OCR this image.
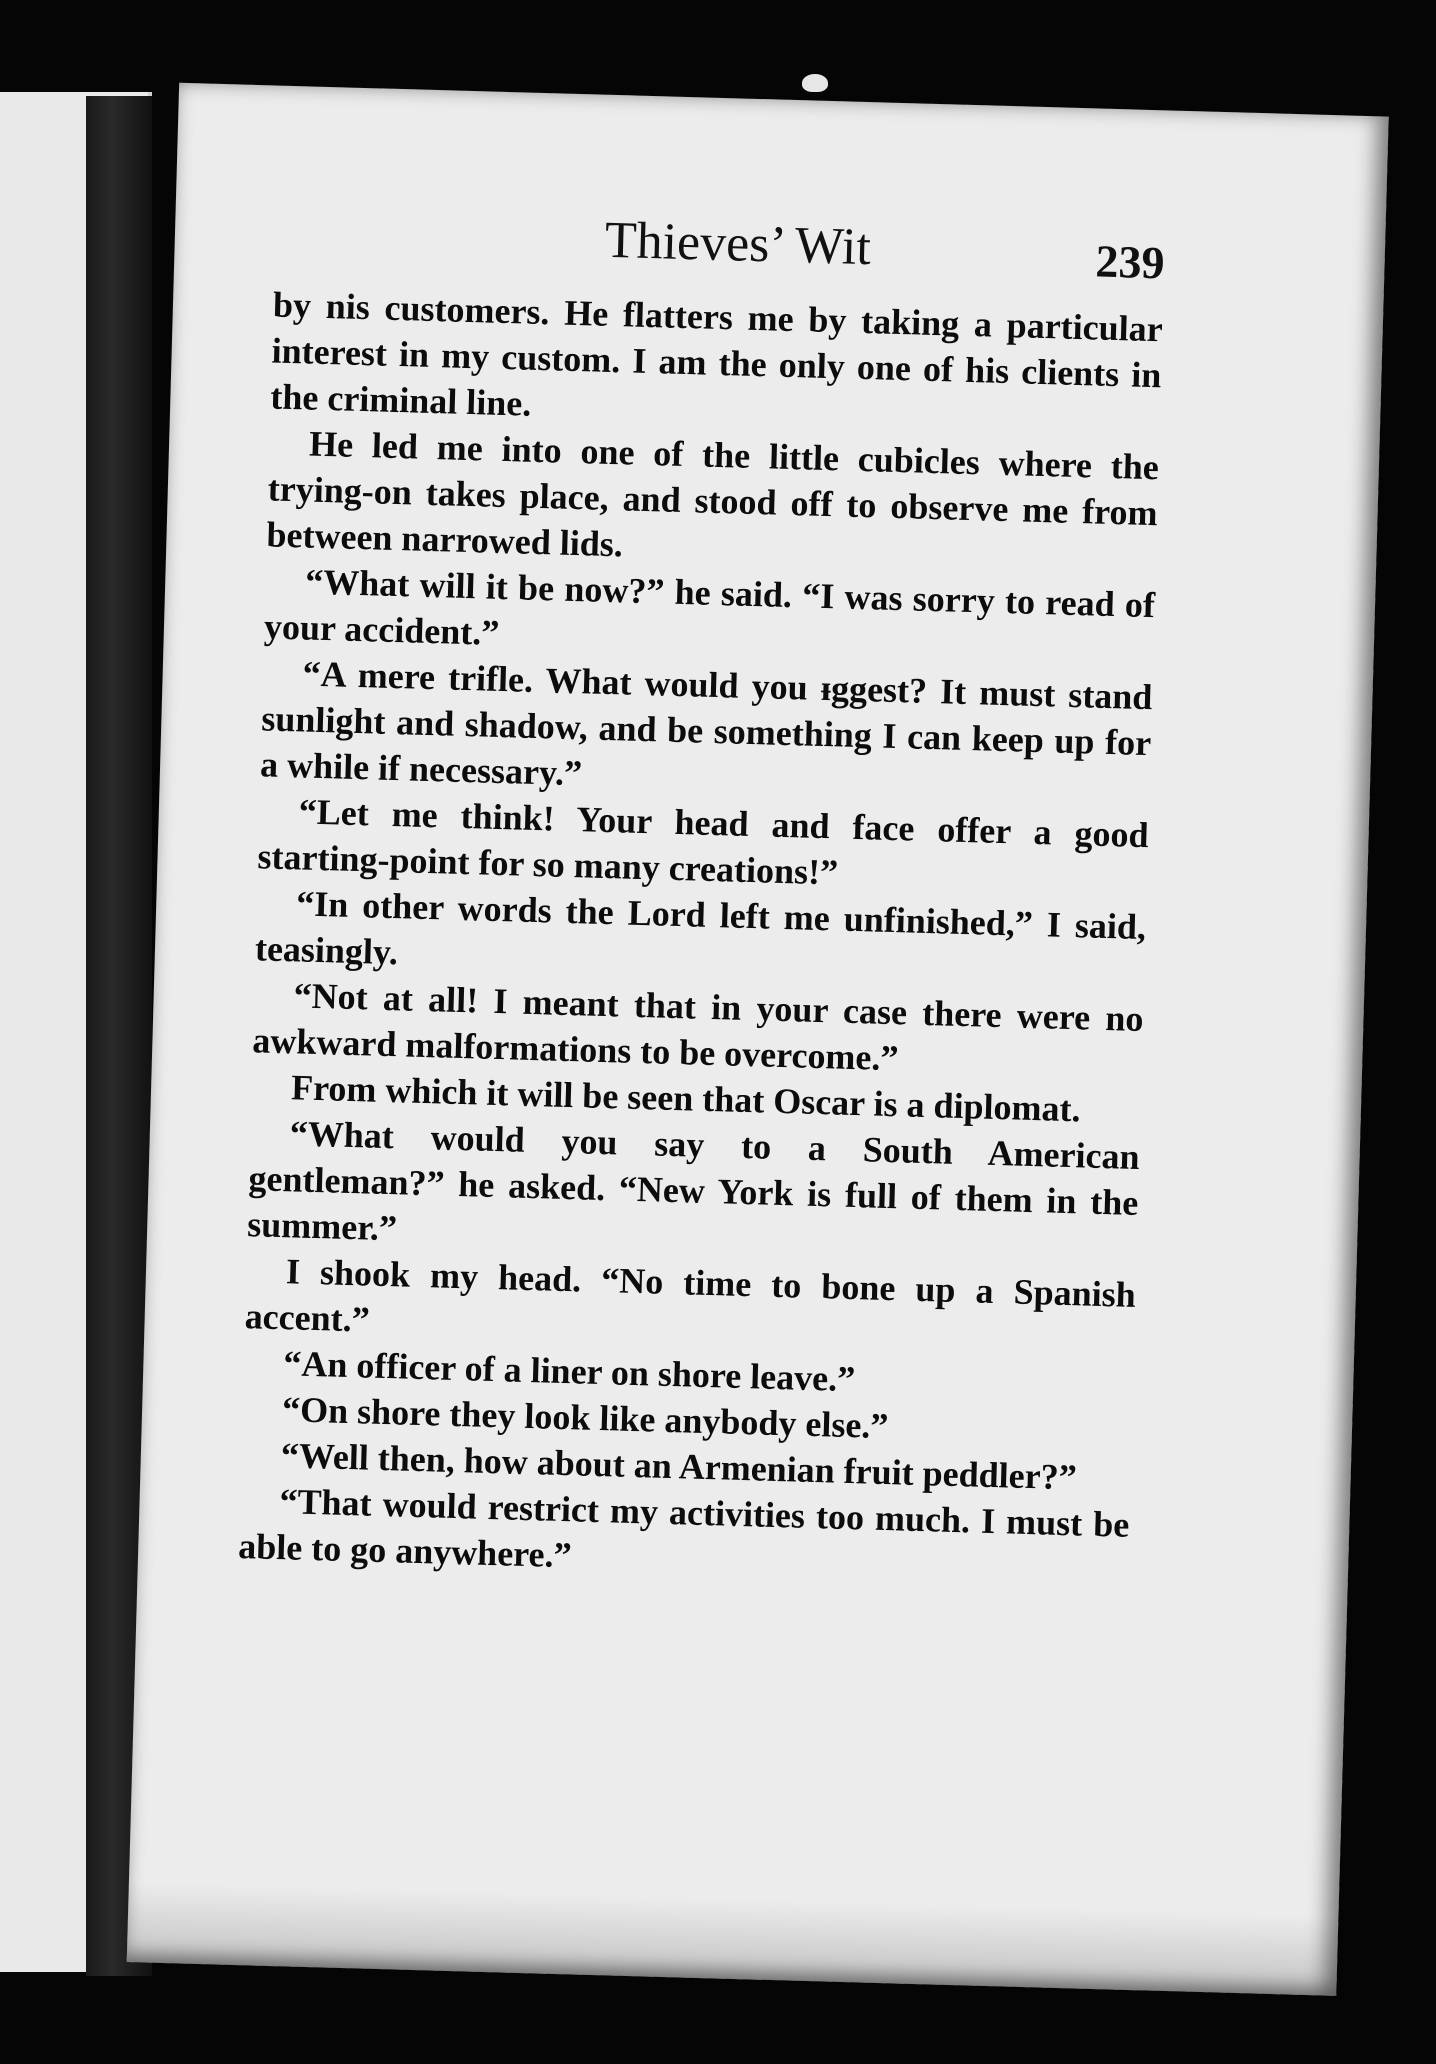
Thieves’ Wit	239

by nis customers. He flatters me by taking a particular interest in my custom. I am the only one of his clients in the criminal line.

He led me into one of the little cubicles where the trying-on takes place, and stood off to observe me from between narrowed lids.

“What will it be now?” he said. “I was sorry to read of your accident.”

“A mere trifle. What would you ᵻggest? It must stand sunlight and shadow, and be something I can keep up for a while if necessary.”

“Let me think! Your head and face offer a good starting-point for so many creations!”

“In other words the Lord left me unfinished,” I said, teasingly.

“Not at all! I meant that in your case there were no awkward malformations to be overcome.”

From which it will be seen that Oscar is a diplomat.

“What would you say to a South American gentleman?” he asked. “New York is full of them in the summer.”

I shook my head. “No time to bone up a Spanish accent.”

“An officer of a liner on shore leave.”

“On shore they look like anybody else.”

“Well then, how about an Armenian fruit peddler?”

“That would restrict my activities too much. I must be able to go anywhere.”
